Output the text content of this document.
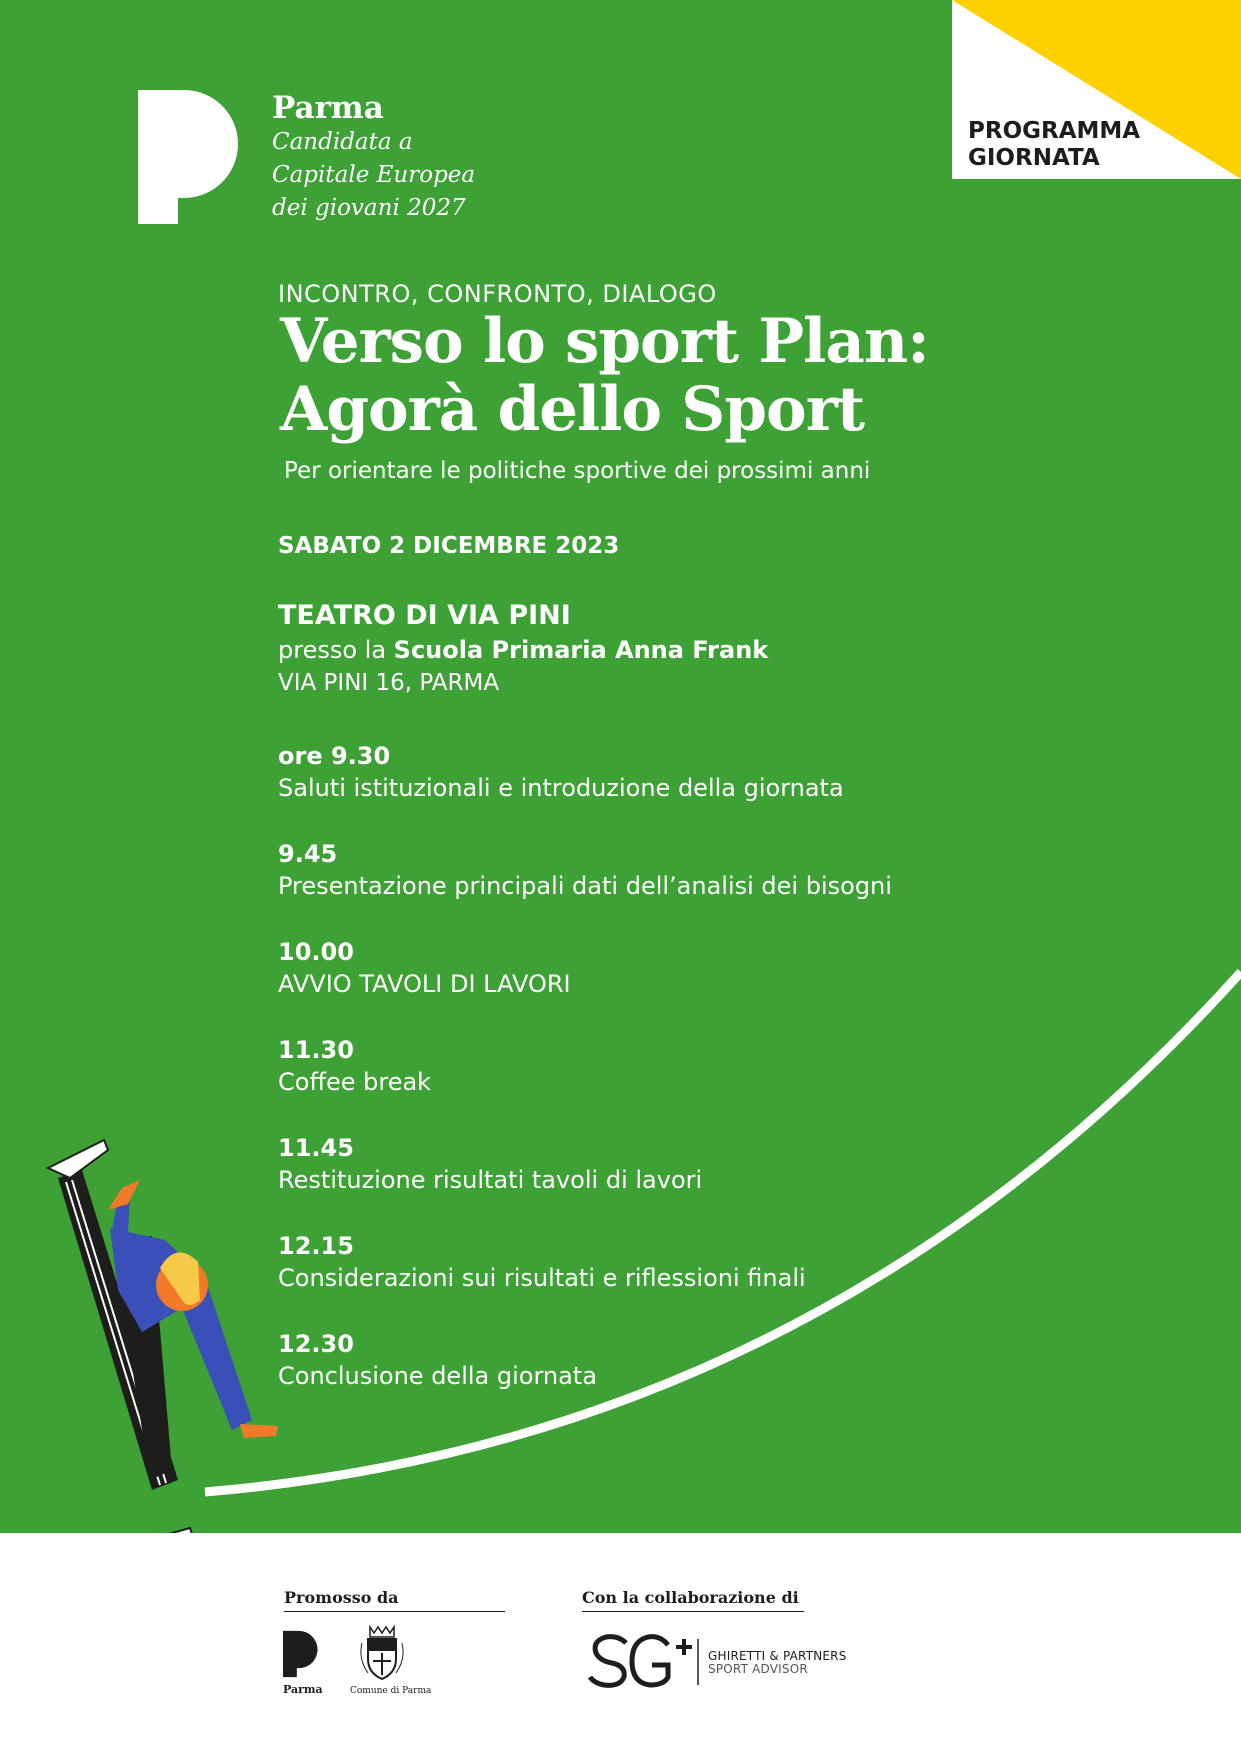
Parma
Candidata a
Capitale Europea
dei giovani 2027
PROGRAMMA
GIORNATA
INCONTRO, CONFRONTO, DIALOGO
Verso lo sport Plan:
Agorà dello Sport
Per orientare le politiche sportive dei prossimi anni
SABATO 2 DICEMBRE 2023
TEATRO DI VIA PINI
presso la Scuola Primaria Anna Frank
VIA PINI 16, PARMA
ore 9.30
Saluti istituzionali e introduzione della giornata
9.45
Presentazione principali dati dell’analisi dei bisogni
10.00
AVVIO TAVOLI DI LAVORI
11.30
Coffee break
11.45
Restituzione risultati tavoli di lavori
12.15
Considerazioni sui risultati e riflessioni finali
12.30
Conclusione della giornata
Promosso da	Con la collaborazione di
Parma	Comune di Parma
GHIRETTI & PARTNERS
SPORT ADVISOR
